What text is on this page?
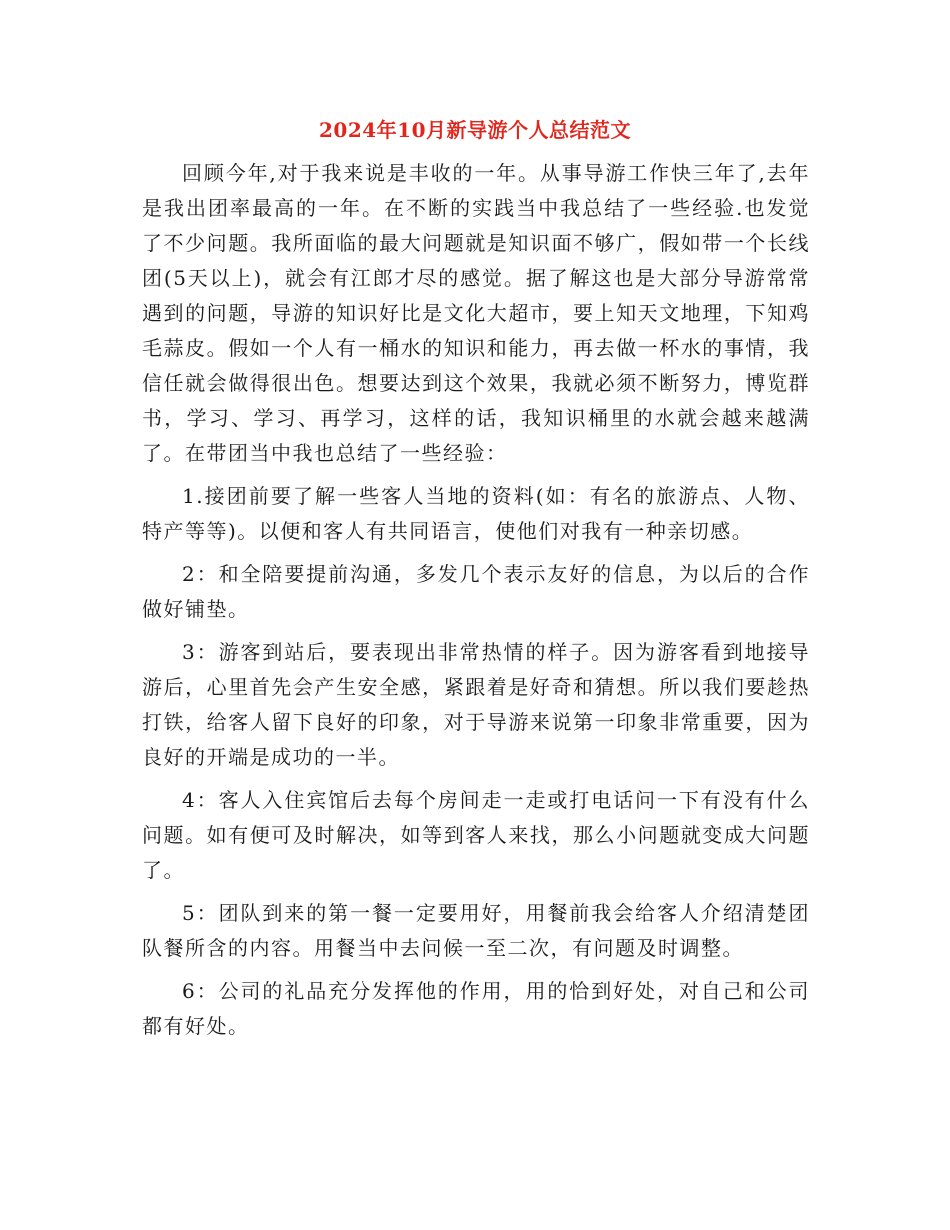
2024年10月新导游个人总结范文

回顾今年,对于我来说是丰收的一年。从事导游工作快三年了,去年是我出团率最高的一年。在不断的实践当中我总结了一些经验.也发觉了不少问题。我所面临的最大问题就是知识面不够广，假如带一个长线团(5天以上)，就会有江郎才尽的感觉。据了解这也是大部分导游常常遇到的问题，导游的知识好比是文化大超市，要上知天文地理，下知鸡毛蒜皮。假如一个人有一桶水的知识和能力，再去做一杯水的事情，我信任就会做得很出色。想要达到这个效果，我就必须不断努力，博览群书，学习、学习、再学习，这样的话，我知识桶里的水就会越来越满了。在带团当中我也总结了一些经验：

1.接团前要了解一些客人当地的资料(如：有名的旅游点、人物、特产等等)。以便和客人有共同语言，使他们对我有一种亲切感。

2：和全陪要提前沟通，多发几个表示友好的信息，为以后的合作做好铺垫。

3：游客到站后，要表现出非常热情的样子。因为游客看到地接导游后，心里首先会产生安全感，紧跟着是好奇和猜想。所以我们要趁热打铁，给客人留下良好的印象，对于导游来说第一印象非常重要，因为良好的开端是成功的一半。

4：客人入住宾馆后去每个房间走一走或打电话问一下有没有什么问题。如有便可及时解决，如等到客人来找，那么小问题就变成大问题了。

5：团队到来的第一餐一定要用好，用餐前我会给客人介绍清楚团队餐所含的内容。用餐当中去问候一至二次，有问题及时调整。

6：公司的礼品充分发挥他的作用，用的恰到好处，对自己和公司都有好处。
